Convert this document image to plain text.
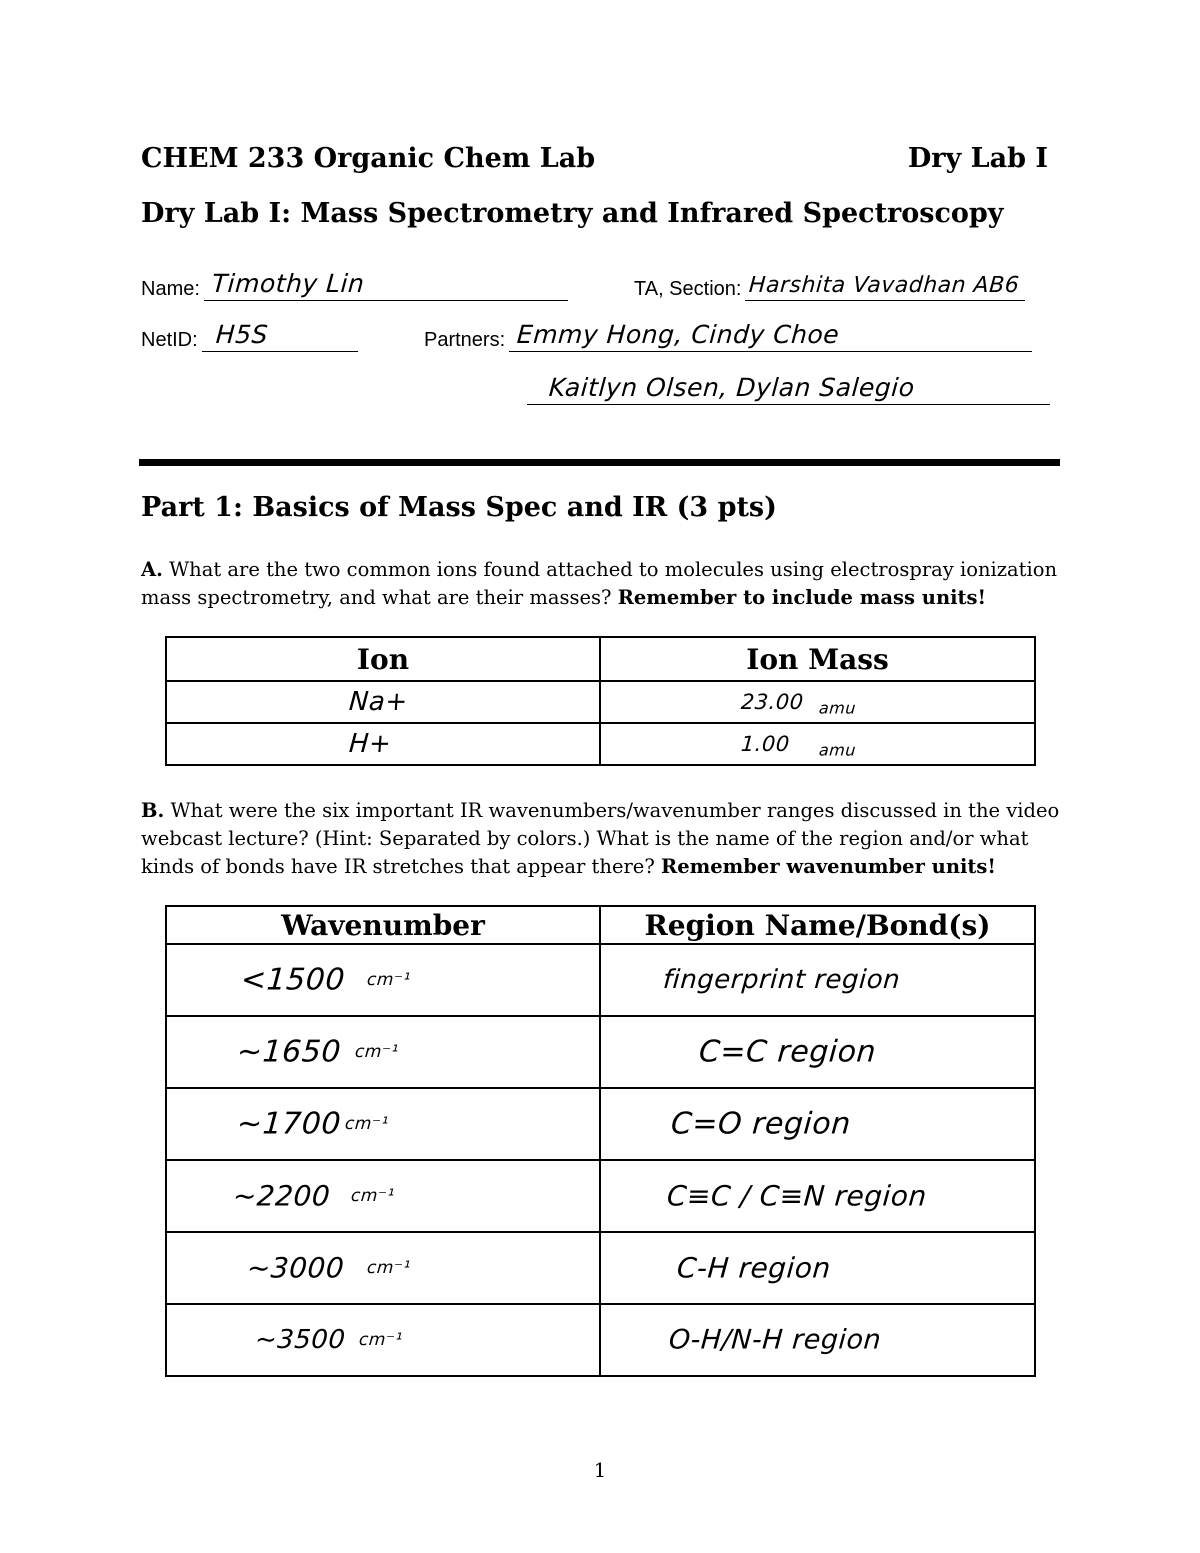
CHEM 233 Organic Chem Lab	Dry Lab I
Dry Lab I: Mass Spectrometry and Infrared Spectroscopy
Name: Timothy Lin	TA, Section: Harshita Vavadhan AB6
NetID: H5S	Partners: Emmy Hong, Cindy Choe
Kaitlyn Olsen, Dylan Salegio
Part 1: Basics of Mass Spec and IR (3 pts)
A. What are the two common ions found attached to molecules using electrospray ionization mass spectrometry, and what are their masses? Remember to include mass units!
Ion	Ion Mass

Na+	23.00 amu

H+	1.00 amu
B. What were the six important IR wavenumbers/wavenumber ranges discussed in the video webcast lecture? (Hint: Separated by colors.) What is the name of the region and/or what kinds of bonds have IR stretches that appear there? Remember wavenumber units!
Wavenumber	Region Name/Bond(s)

<1500 cm⁻¹	fingerprint region

~1650 cm⁻¹	C=C region

~1700 cm⁻¹	C=O region

~2200 cm⁻¹	C≡C / C≡N region

~3000 cm⁻¹	C-H region

~3500 cm⁻¹	O-H/N-H region
1
